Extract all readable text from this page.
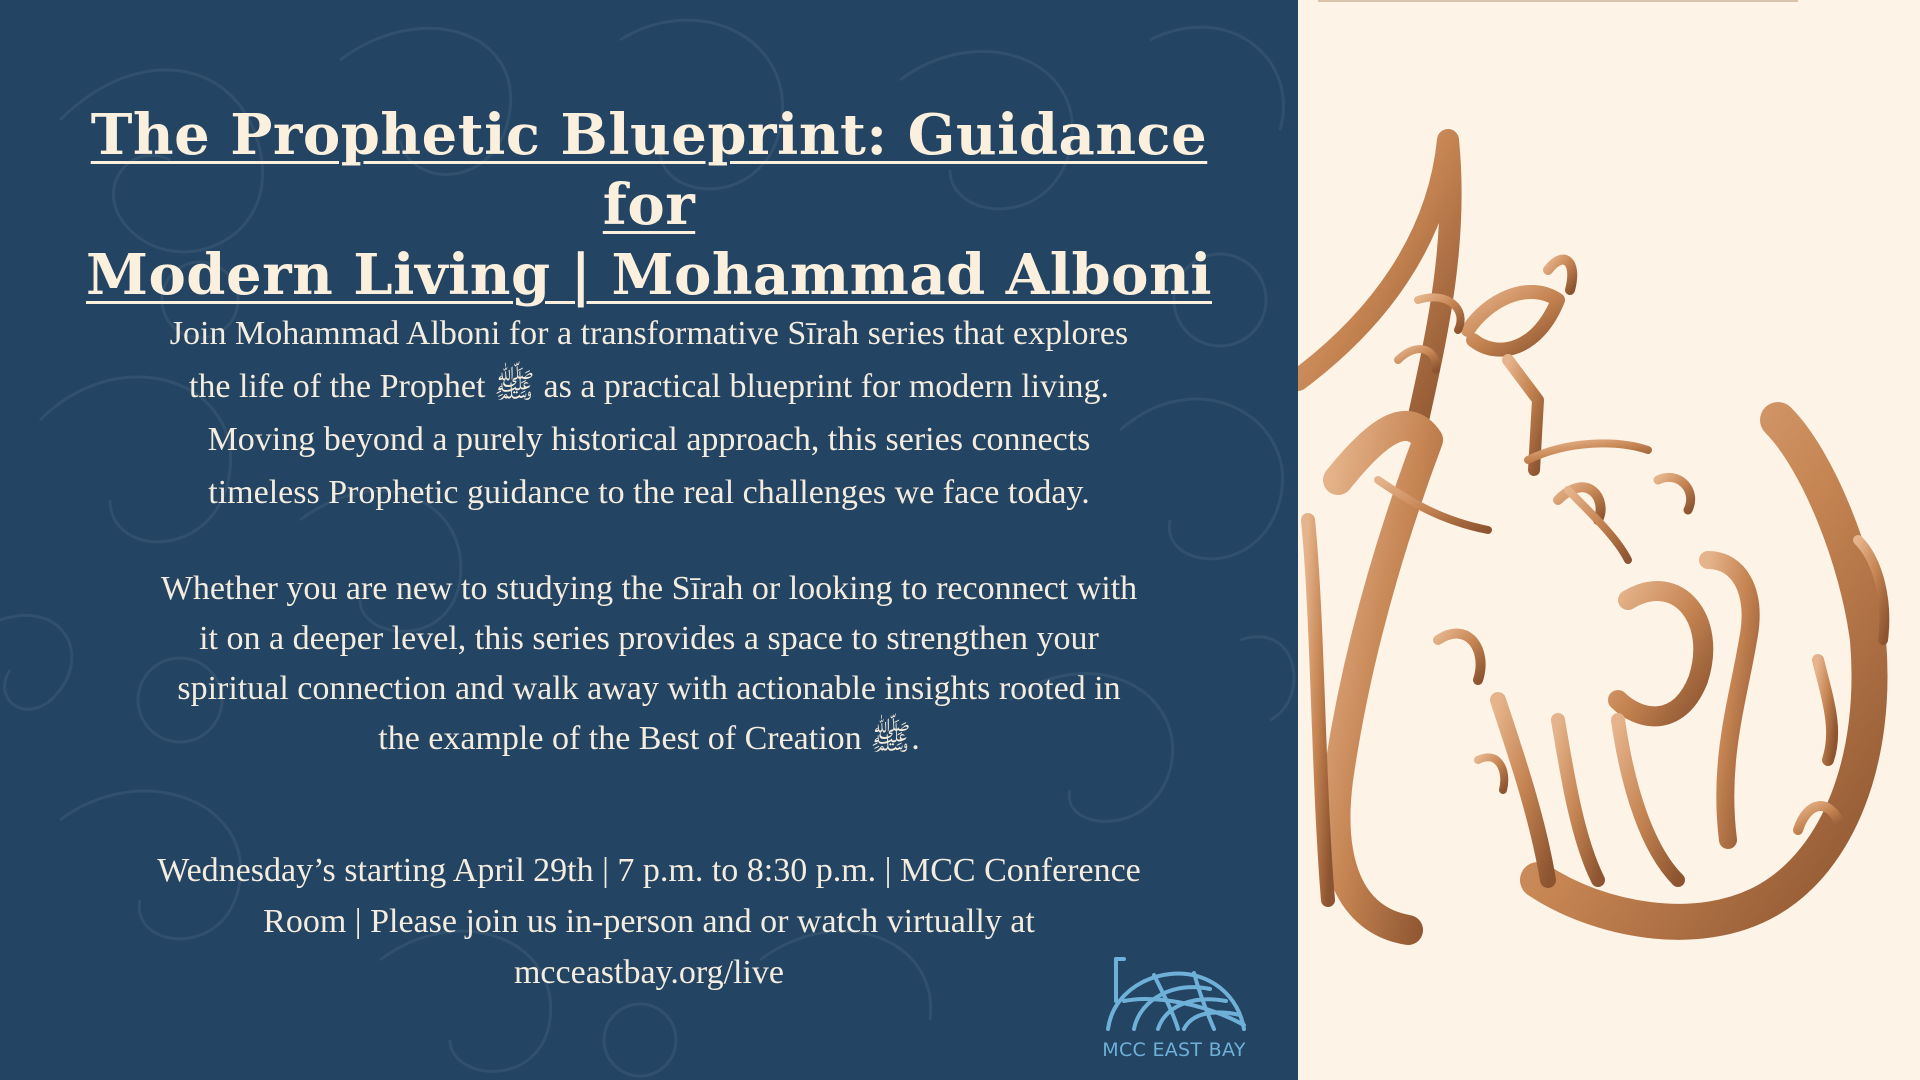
The Prophetic Blueprint: Guidance for
Modern Living | Mohammad Alboni

Join Mohammad Alboni for a transformative Sīrah series that explores
the life of the Prophet ﷺ as a practical blueprint for modern living.
Moving beyond a purely historical approach, this series connects
timeless Prophetic guidance to the real challenges we face today.

Whether you are new to studying the Sīrah or looking to reconnect with
it on a deeper level, this series provides a space to strengthen your
spiritual connection and walk away with actionable insights rooted in
the example of the Best of Creation ﷺ.

Wednesday’s starting April 29th | 7 p.m. to 8:30 p.m. | MCC Conference
Room | Please join us in-person and or watch virtually at
mcceastbay.org/live

MCC EAST BAY
